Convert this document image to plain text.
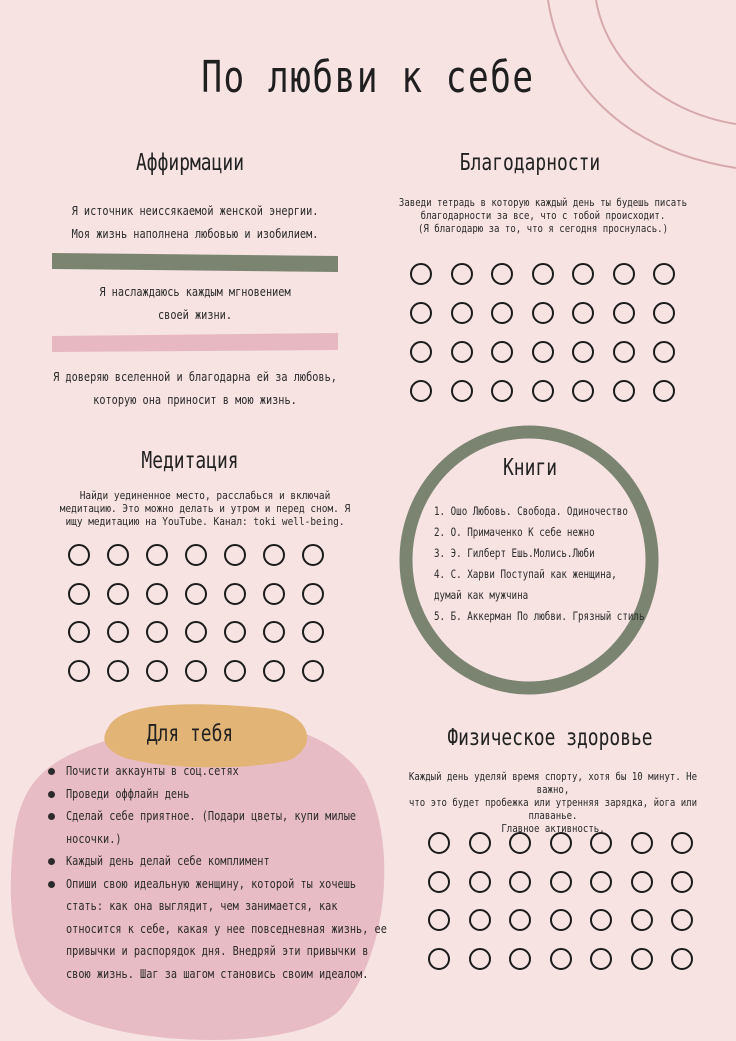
По любви к себе
Аффирмации
Я источник неиссякаемой женской энергии.
Моя жизнь наполнена любовью и изобилием.
Я наслаждаюсь каждым мгновением
своей жизни.
Я доверяю вселенной и благодарна ей за любовь,
которую она приносит в мою жизнь.
Благодарности
Заведи тетрадь в которую каждый день ты будешь писать
благодарности за все, что с тобой происходит.
(Я благодарю за то, что я сегодня проснулась.)
Медитация
Найди уединенное место, расслабься и включай
медитацию. Это можно делать и утром и перед сном. Я
ищу медитацию на YouTube. Канал: toki well-being.
Книги
1. Ошо Любовь. Свобода. Одиночество
2. О. Примаченко К себе нежно
3. Э. Гилберт Ешь.Молись.Люби
4. С. Харви Поступай как женщина,
думай как мужчина
5. Б. Аккерман По любви. Грязный стиль
Для тебя
Почисти аккаунты в соц.сетях
Проведи оффлайн день
Сделай себе приятное. (Подари цветы, купи милые носочки.)
Каждый день делай себе комплимент
Опиши свою идеальную женщину, которой ты хочешь стать: как она выглядит, чем занимается, как относится к себе, какая у нее повседневная жизнь, ее привычки и распорядок дня. Внедряй эти привычки в свою жизнь. Шаг за шагом становись своим идеалом.
Физическое здоровье
Каждый день уделяй время спорту, хотя бы 10 минут. Не важно,
что это будет пробежка или утренняя зарядка, йога или плаванье.
Главное активность.
